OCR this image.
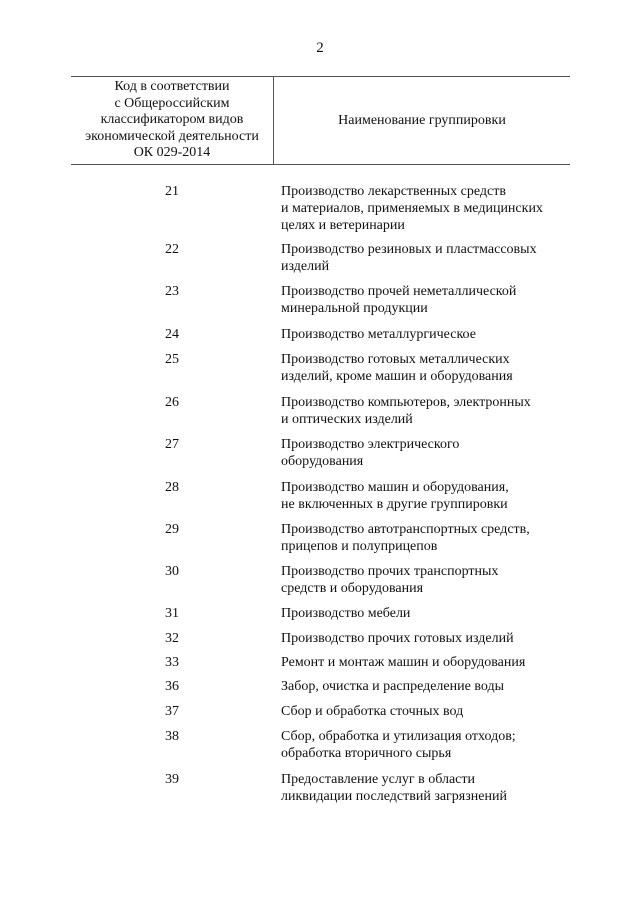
2
Код в соответствии
с Общероссийским
классификатором видов
экономической деятельности
ОК 029-2014
Наименование группировки
21	Производство лекарственных средств
и материалов, применяемых в медицинских
целях и ветеринарии
22	Производство резиновых и пластмассовых
изделий
23	Производство прочей неметаллической
минеральной продукции
24	Производство металлургическое
25	Производство готовых металлических
изделий, кроме машин и оборудования
26	Производство компьютеров, электронных
и оптических изделий
27	Производство электрического
оборудования
28	Производство машин и оборудования,
не включенных в другие группировки
29	Производство автотранспортных средств,
прицепов и полуприцепов
30	Производство прочих транспортных
средств и оборудования
31	Производство мебели
32	Производство прочих готовых изделий
33	Ремонт и монтаж машин и оборудования
36	Забор, очистка и распределение воды
37	Сбор и обработка сточных вод
38	Сбор, обработка и утилизация отходов;
обработка вторичного сырья
39	Предоставление услуг в области
ликвидации последствий загрязнений
